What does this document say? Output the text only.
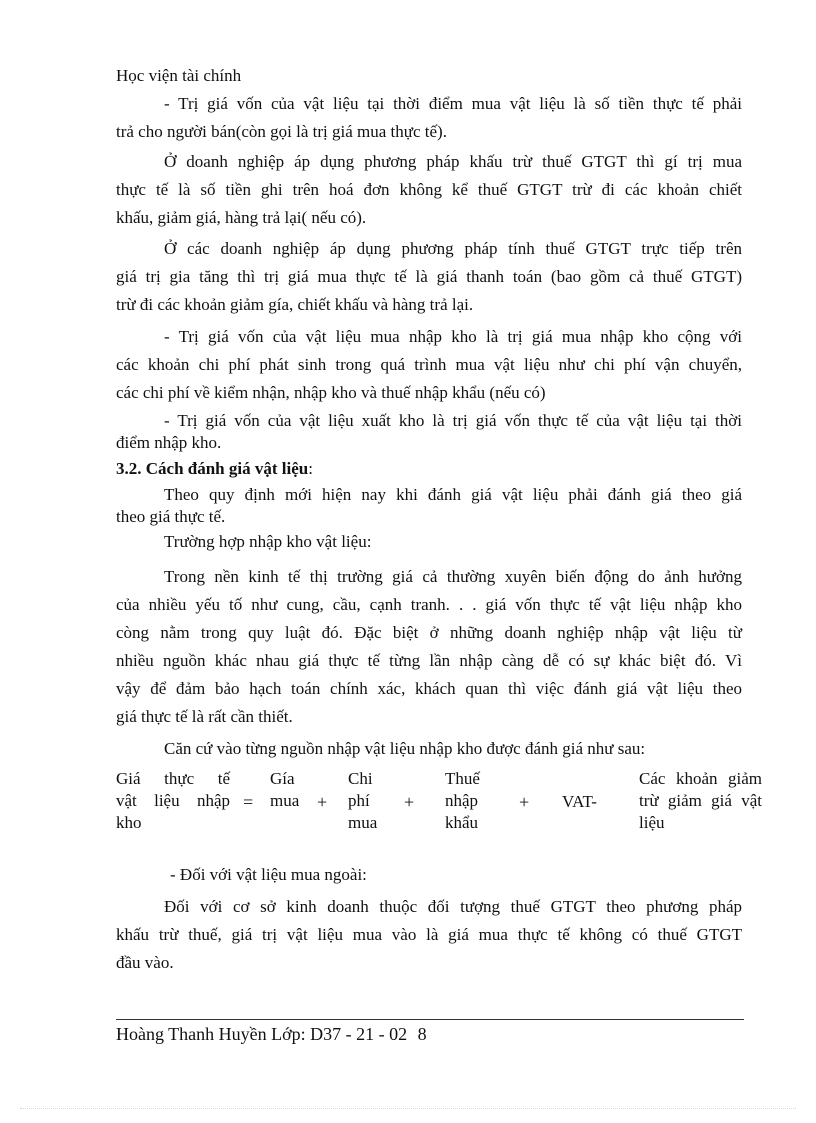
Học viện tài chính
- Trị giá vốn của vật liệu tại thời điểm mua vật liệu là số tiền thực tế phải
trả cho người bán(còn gọi là trị giá mua thực tế).
Ở doanh nghiệp áp dụng phương pháp khấu trừ thuế GTGT thì gí trị mua
thực tế là số tiền ghi trên hoá đơn không kể thuế GTGT trừ đi các khoản chiết
khấu, giảm giá, hàng trả lại( nếu có).
Ở các doanh nghiệp áp dụng phương pháp tính thuế GTGT trực tiếp trên
giá trị gia tăng thì trị giá mua thực tế là giá thanh toán (bao gồm cả thuế GTGT)
trừ đi các khoản giảm gía, chiết khấu và hàng trả lại.
- Trị giá vốn của vật liệu mua nhập kho là trị giá mua nhập kho cộng với
các khoản chi phí phát sinh trong quá trình mua vật liệu như chi phí vận chuyển,
các chi phí về kiểm nhận, nhập kho và thuế nhập khẩu (nếu có)
- Trị giá vốn của vật liệu xuất kho là trị giá vốn thực tế của vật liệu tại thời
điểm nhập kho.
3.2. Cách đánh giá vật liệu:
Theo quy định mới hiện nay khi đánh giá vật liệu phải đánh giá theo giá
theo giá thực tế.
Trường hợp nhập kho vật liệu:
Trong nền kinh tế thị trường giá cả thường xuyên biến động do ảnh hưởng
của nhiều yếu tố như cung, cầu, cạnh tranh. . . giá vốn thực tế vật liệu nhập kho
còng nằm trong quy luật đó. Đặc biệt ở những doanh nghiệp nhập vật liệu từ
nhiều nguồn khác nhau giá thực tế từng lần nhập càng dễ có sự khác biệt đó. Vì
vậy để đảm bảo hạch toán chính xác, khách quan thì việc đánh giá vật liệu theo
giá thực tế là rất cần thiết.
Căn cứ vào từng nguồn nhập vật liệu nhập kho được đánh giá như sau:
Giá thực tế
vật liệu nhập
kho
=
Gía
mua +
Chi
phí
mua
+
Thuế
nhập
khẩu
+ VAT-
Các khoản giảm
trừ giảm giá vật
liệu
- Đối với vật liệu mua ngoài:
Đối với cơ sở kinh doanh thuộc đối tượng thuế GTGT theo phương pháp
khấu trừ thuế, giá trị vật liệu mua vào là giá mua thực tế không có thuế GTGT
đầu vào.
Hoàng Thanh Huyền Lớp: D37 - 21 - 02 8
